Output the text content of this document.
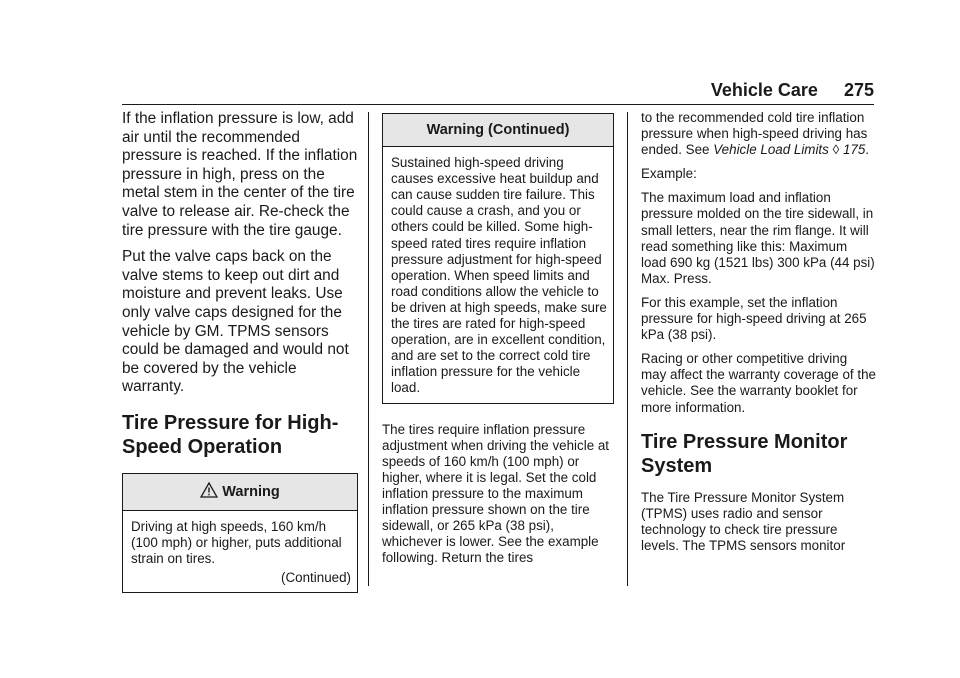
Vehicle Care 275

If the inflation pressure is low, add air until the recommended pressure is reached. If the inflation pressure in high, press on the metal stem in the center of the tire valve to release air. Re-check the tire pressure with the tire gauge.

Put the valve caps back on the valve stems to keep out dirt and moisture and prevent leaks. Use only valve caps designed for the vehicle by GM. TPMS sensors could be damaged and would not be covered by the vehicle warranty.

Tire Pressure for High-Speed Operation
Warning
Driving at high speeds, 160 km/h (100 mph) or higher, puts additional strain on tires.
(Continued)
Warning (Continued)
Sustained high-speed driving causes excessive heat buildup and can cause sudden tire failure. This could cause a crash, and you or others could be killed. Some high-speed rated tires require inflation pressure adjustment for high-speed operation. When speed limits and road conditions allow the vehicle to be driven at high speeds, make sure the tires are rated for high-speed operation, are in excellent condition, and are set to the correct cold tire inflation pressure for the vehicle load.

The tires require inflation pressure adjustment when driving the vehicle at speeds of 160 km/h (100 mph) or higher, where it is legal. Set the cold inflation pressure to the maximum inflation pressure shown on the tire sidewall, or 265 kPa (38 psi), whichever is lower. See the example following. Return the tires

to the recommended cold tire inflation pressure when high-speed driving has ended. See Vehicle Load Limits ◊ 175.

Example:

The maximum load and inflation pressure molded on the tire sidewall, in small letters, near the rim flange. It will read something like this: Maximum load 690 kg (1521 lbs) 300 kPa (44 psi) Max. Press.

For this example, set the inflation pressure for high-speed driving at 265 kPa (38 psi).

Racing or other competitive driving may affect the warranty coverage of the vehicle. See the warranty booklet for more information.

Tire Pressure Monitor System

The Tire Pressure Monitor System (TPMS) uses radio and sensor technology to check tire pressure levels. The TPMS sensors monitor
